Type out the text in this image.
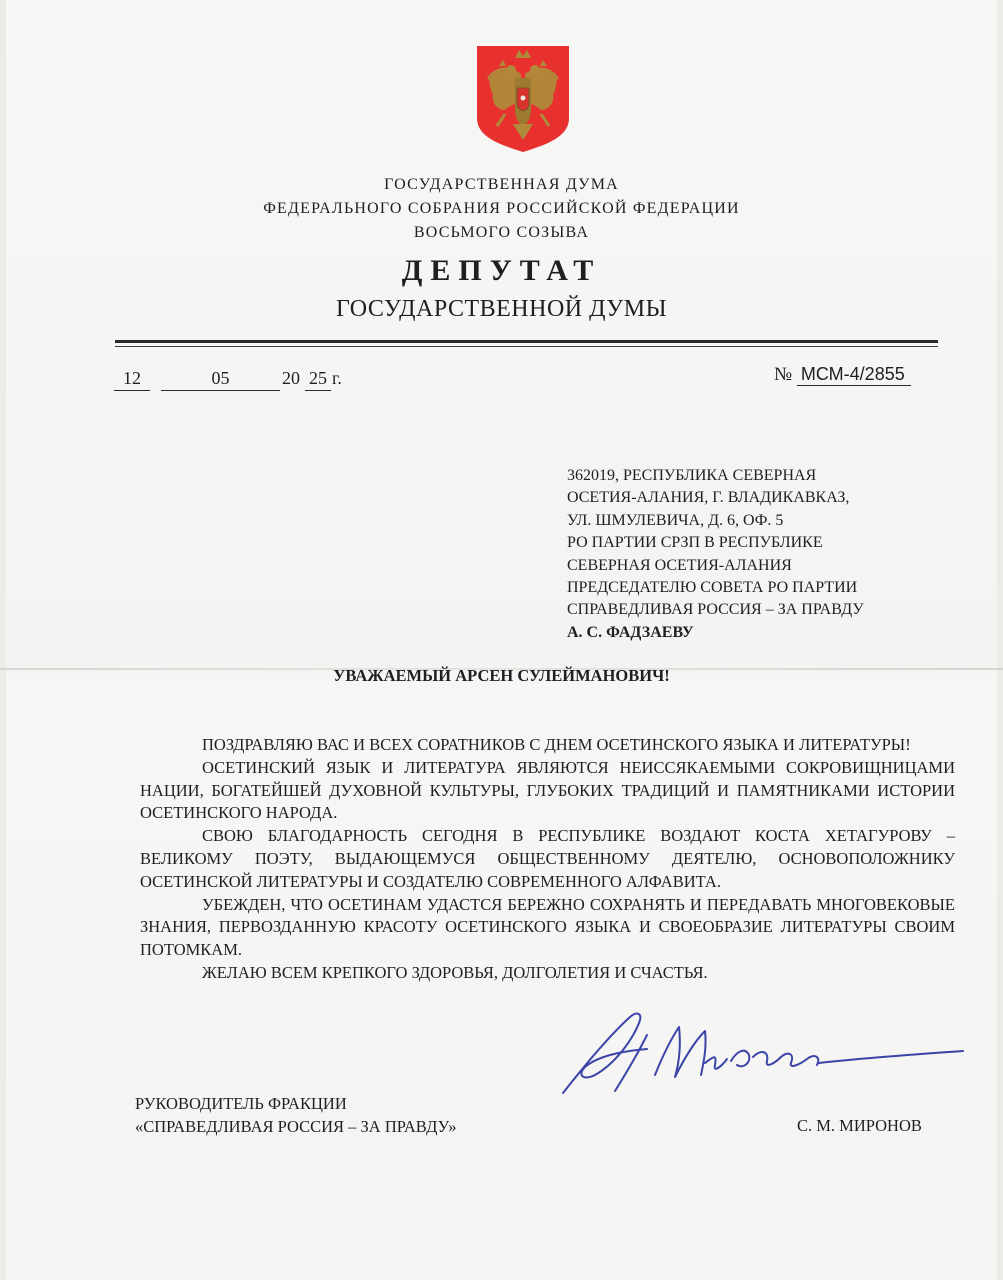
ГОСУДАРСТВЕННАЯ ДУМА
ФЕДЕРАЛЬНОГО СОБРАНИЯ РОССИЙСКОЙ ФЕДЕРАЦИИ
ВОСЬМОГО СОЗЫВА
ДЕПУТАТ
ГОСУДАРСТВЕННОЙ ДУМЫ
12	05	20 25 г.	№ МСМ-4/2855
362019, РЕСПУБЛИКА СЕВЕРНАЯ
ОСЕТИЯ-АЛАНИЯ, Г. ВЛАДИКАВКАЗ,
УЛ. ШМУЛЕВИЧА, Д. 6, ОФ. 5
РО ПАРТИИ СРЗП В РЕСПУБЛИКЕ
СЕВЕРНАЯ ОСЕТИЯ-АЛАНИЯ
ПРЕДСЕДАТЕЛЮ СОВЕТА РО ПАРТИИ
СПРАВЕДЛИВАЯ РОССИЯ – ЗА ПРАВДУ
А. С. ФАДЗАЕВУ
УВАЖАЕМЫЙ АРСЕН СУЛЕЙМАНОВИЧ!

ПОЗДРАВЛЯЮ ВАС И ВСЕХ СОРАТНИКОВ С ДНЕМ ОСЕТИНСКОГО ЯЗЫКА И ЛИТЕРАТУРЫ!

ОСЕТИНСКИЙ ЯЗЫК И ЛИТЕРАТУРА ЯВЛЯЮТСЯ НЕИССЯКАЕМЫМИ СОКРОВИЩНИЦАМИ НАЦИИ, БОГАТЕЙШЕЙ ДУХОВНОЙ КУЛЬТУРЫ, ГЛУБОКИХ ТРАДИЦИЙ И ПАМЯТНИКАМИ ИСТОРИИ ОСЕТИНСКОГО НАРОДА.

СВОЮ БЛАГОДАРНОСТЬ СЕГОДНЯ В РЕСПУБЛИКЕ ВОЗДАЮТ КОСТА ХЕТАГУРОВУ – ВЕЛИКОМУ ПОЭТУ, ВЫДАЮЩЕМУСЯ ОБЩЕСТВЕННОМУ ДЕЯТЕЛЮ, ОСНОВОПОЛОЖНИКУ ОСЕТИНСКОЙ ЛИТЕРАТУРЫ И СОЗДАТЕЛЮ СОВРЕМЕННОГО АЛФАВИТА.

УБЕЖДЕН, ЧТО ОСЕТИНАМ УДАСТСЯ БЕРЕЖНО СОХРАНЯТЬ И ПЕРЕДАВАТЬ МНОГОВЕКОВЫЕ ЗНАНИЯ, ПЕРВОЗДАННУЮ КРАСОТУ ОСЕТИНСКОГО ЯЗЫКА И СВОЕОБРАЗИЕ ЛИТЕРАТУРЫ СВОИМ ПОТОМКАМ.

ЖЕЛАЮ ВСЕМ КРЕПКОГО ЗДОРОВЬЯ, ДОЛГОЛЕТИЯ И СЧАСТЬЯ.

РУКОВОДИТЕЛЬ ФРАКЦИИ
«СПРАВЕДЛИВАЯ РОССИЯ – ЗА ПРАВДУ»	С. М. МИРОНОВ
